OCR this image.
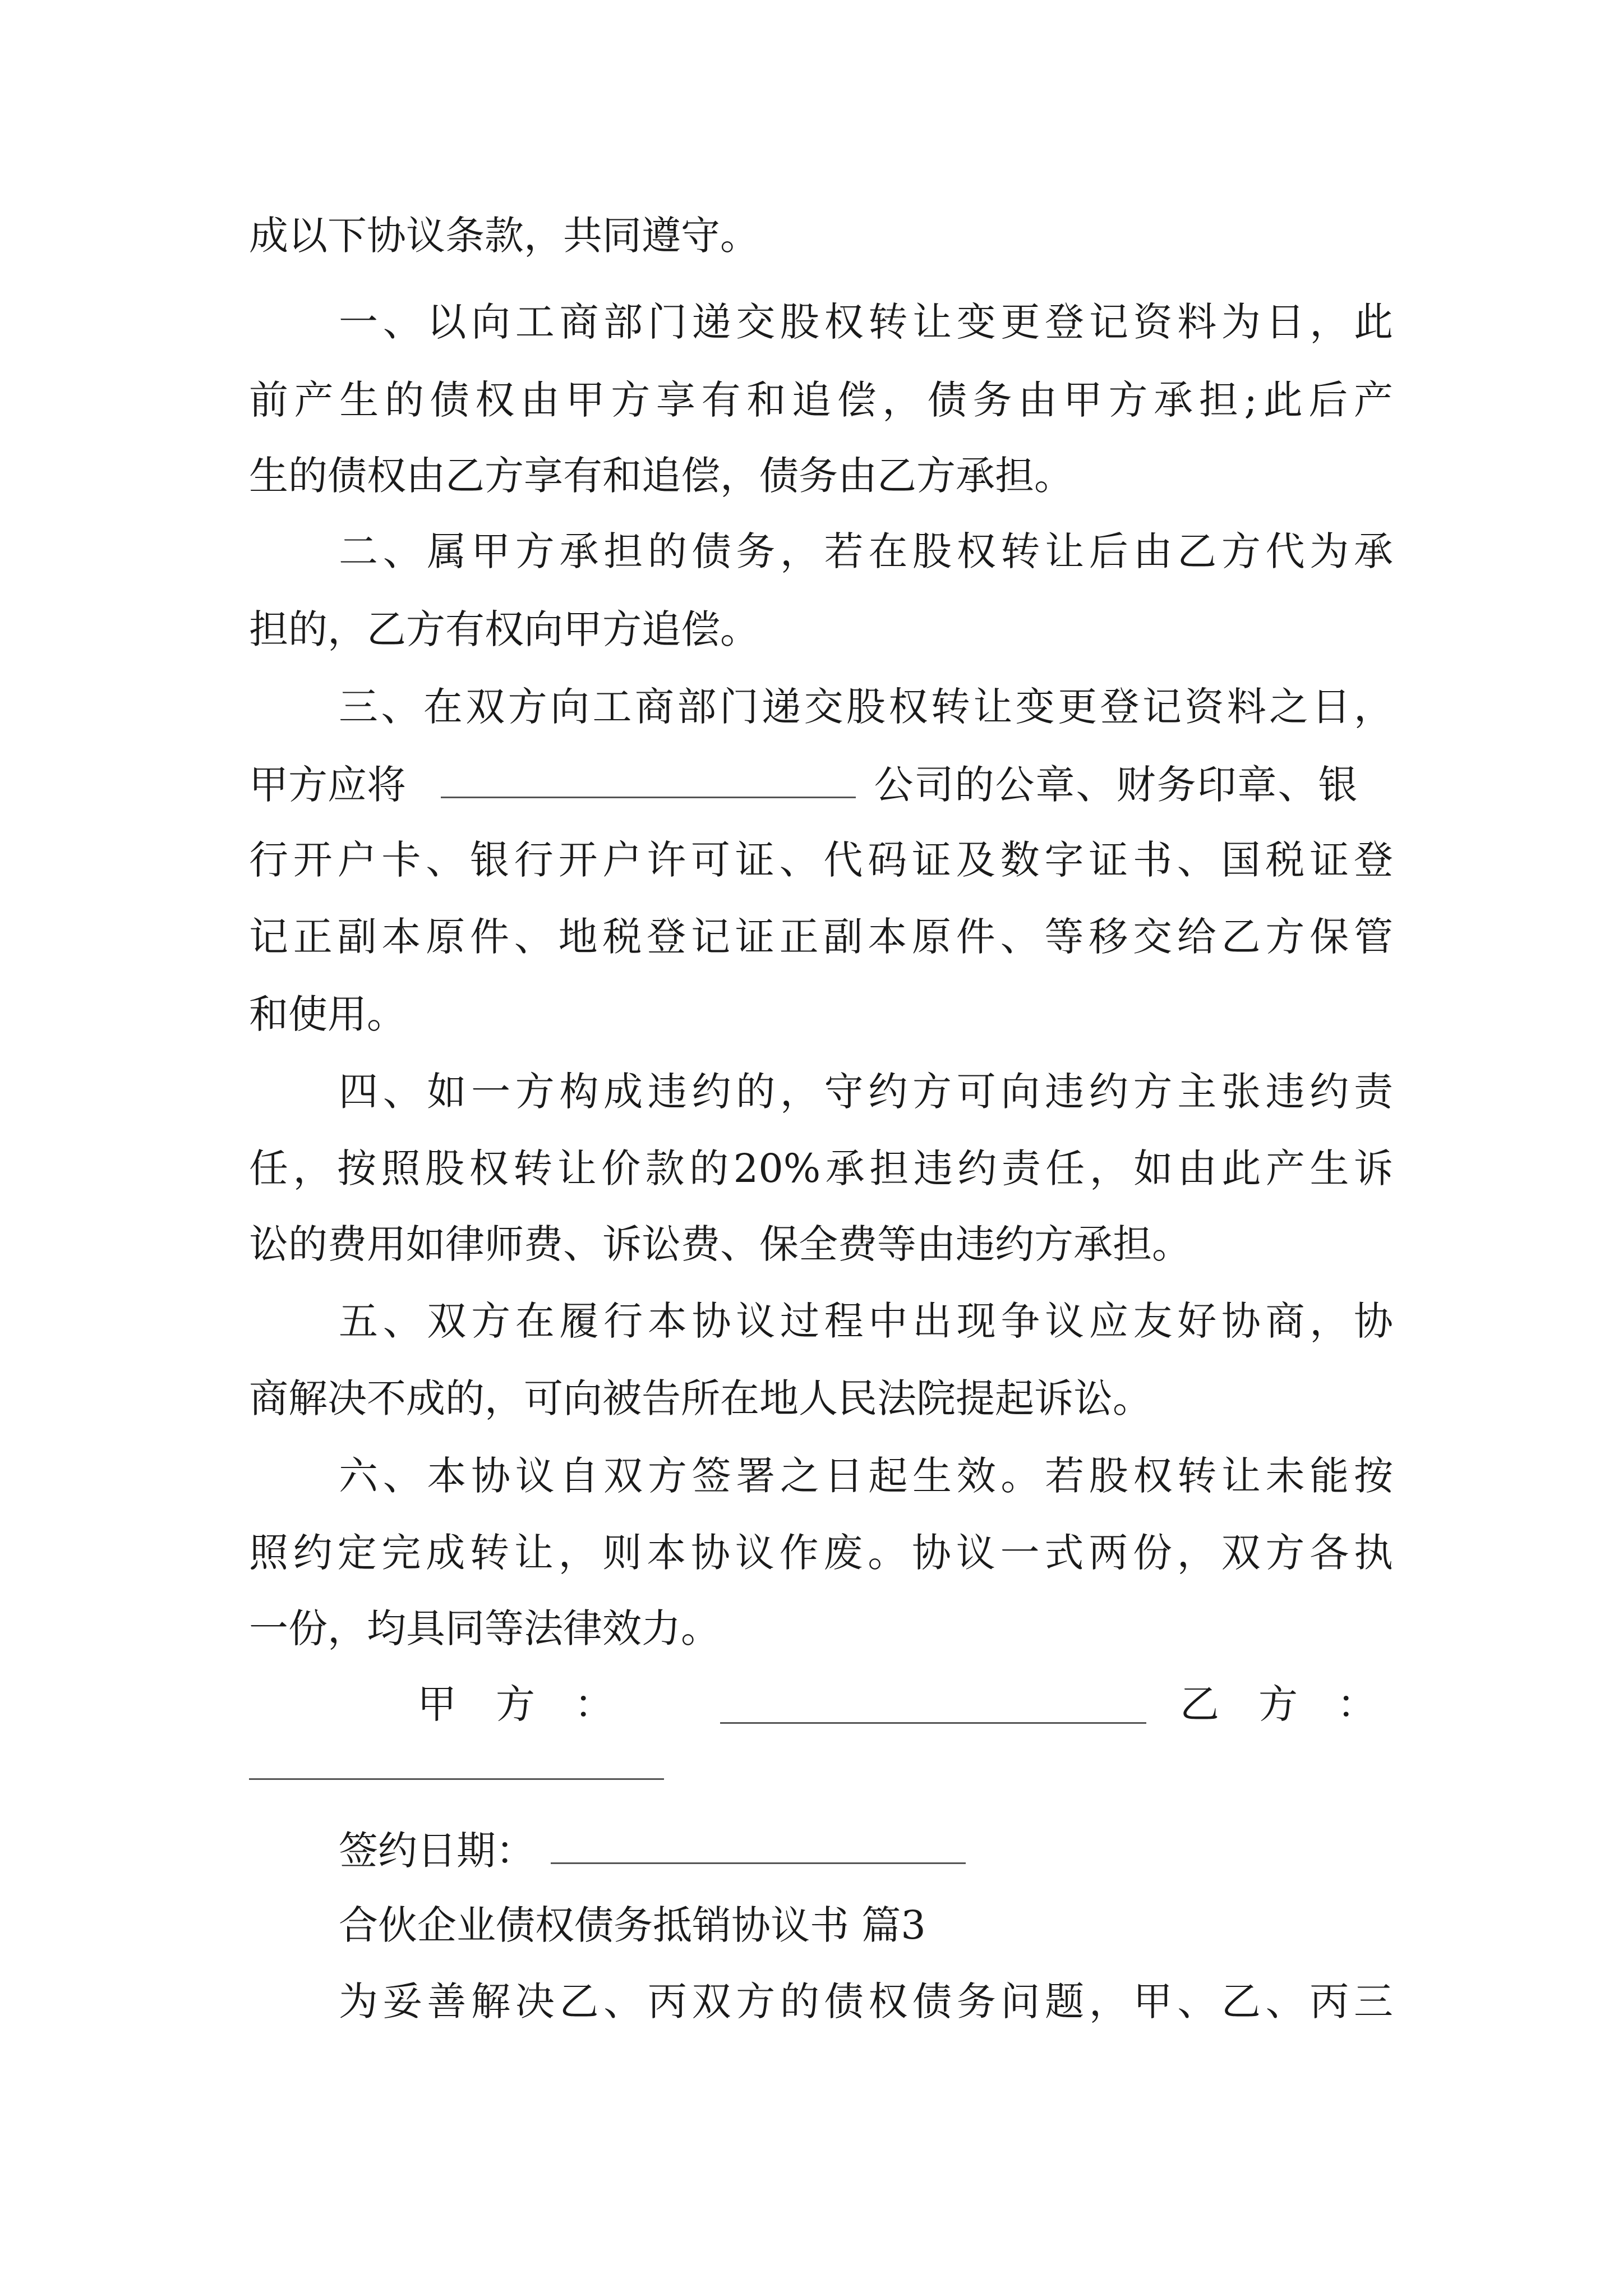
成以下协议条款，共同遵守。
一、以向工商部门递交股权转让变更登记资料为日，此
前产生的债权由甲方享有和追偿，债务由甲方承担;此后产
生的债权由乙方享有和追偿，债务由乙方承担。
二、属甲方承担的债务，若在股权转让后由乙方代为承
担的，乙方有权向甲方追偿。
三、在双方向工商部门递交股权转让变更登记资料之日，
甲方应将	公司的公章、财务印章、银
行开户卡、银行开户许可证、代码证及数字证书、国税证登
记正副本原件、地税登记证正副本原件、等移交给乙方保管
和使用。
四、如一方构成违约的，守约方可向违约方主张违约责
任，按照股权转让价款的20%承担违约责任，如由此产生诉
讼的费用如律师费、诉讼费、保全费等由违约方承担。
五、双方在履行本协议过程中出现争议应友好协商，协
商解决不成的，可向被告所在地人民法院提起诉讼。
六、本协议自双方签署之日起生效。若股权转让未能按
照约定完成转让，则本协议作废。协议一式两份，双方各执
一份，均具同等法律效力。
甲方：	乙方：
签约日期：
合伙企业债权债务抵销协议书 篇3
为妥善解决乙、丙双方的债权债务问题，甲、乙、丙三
